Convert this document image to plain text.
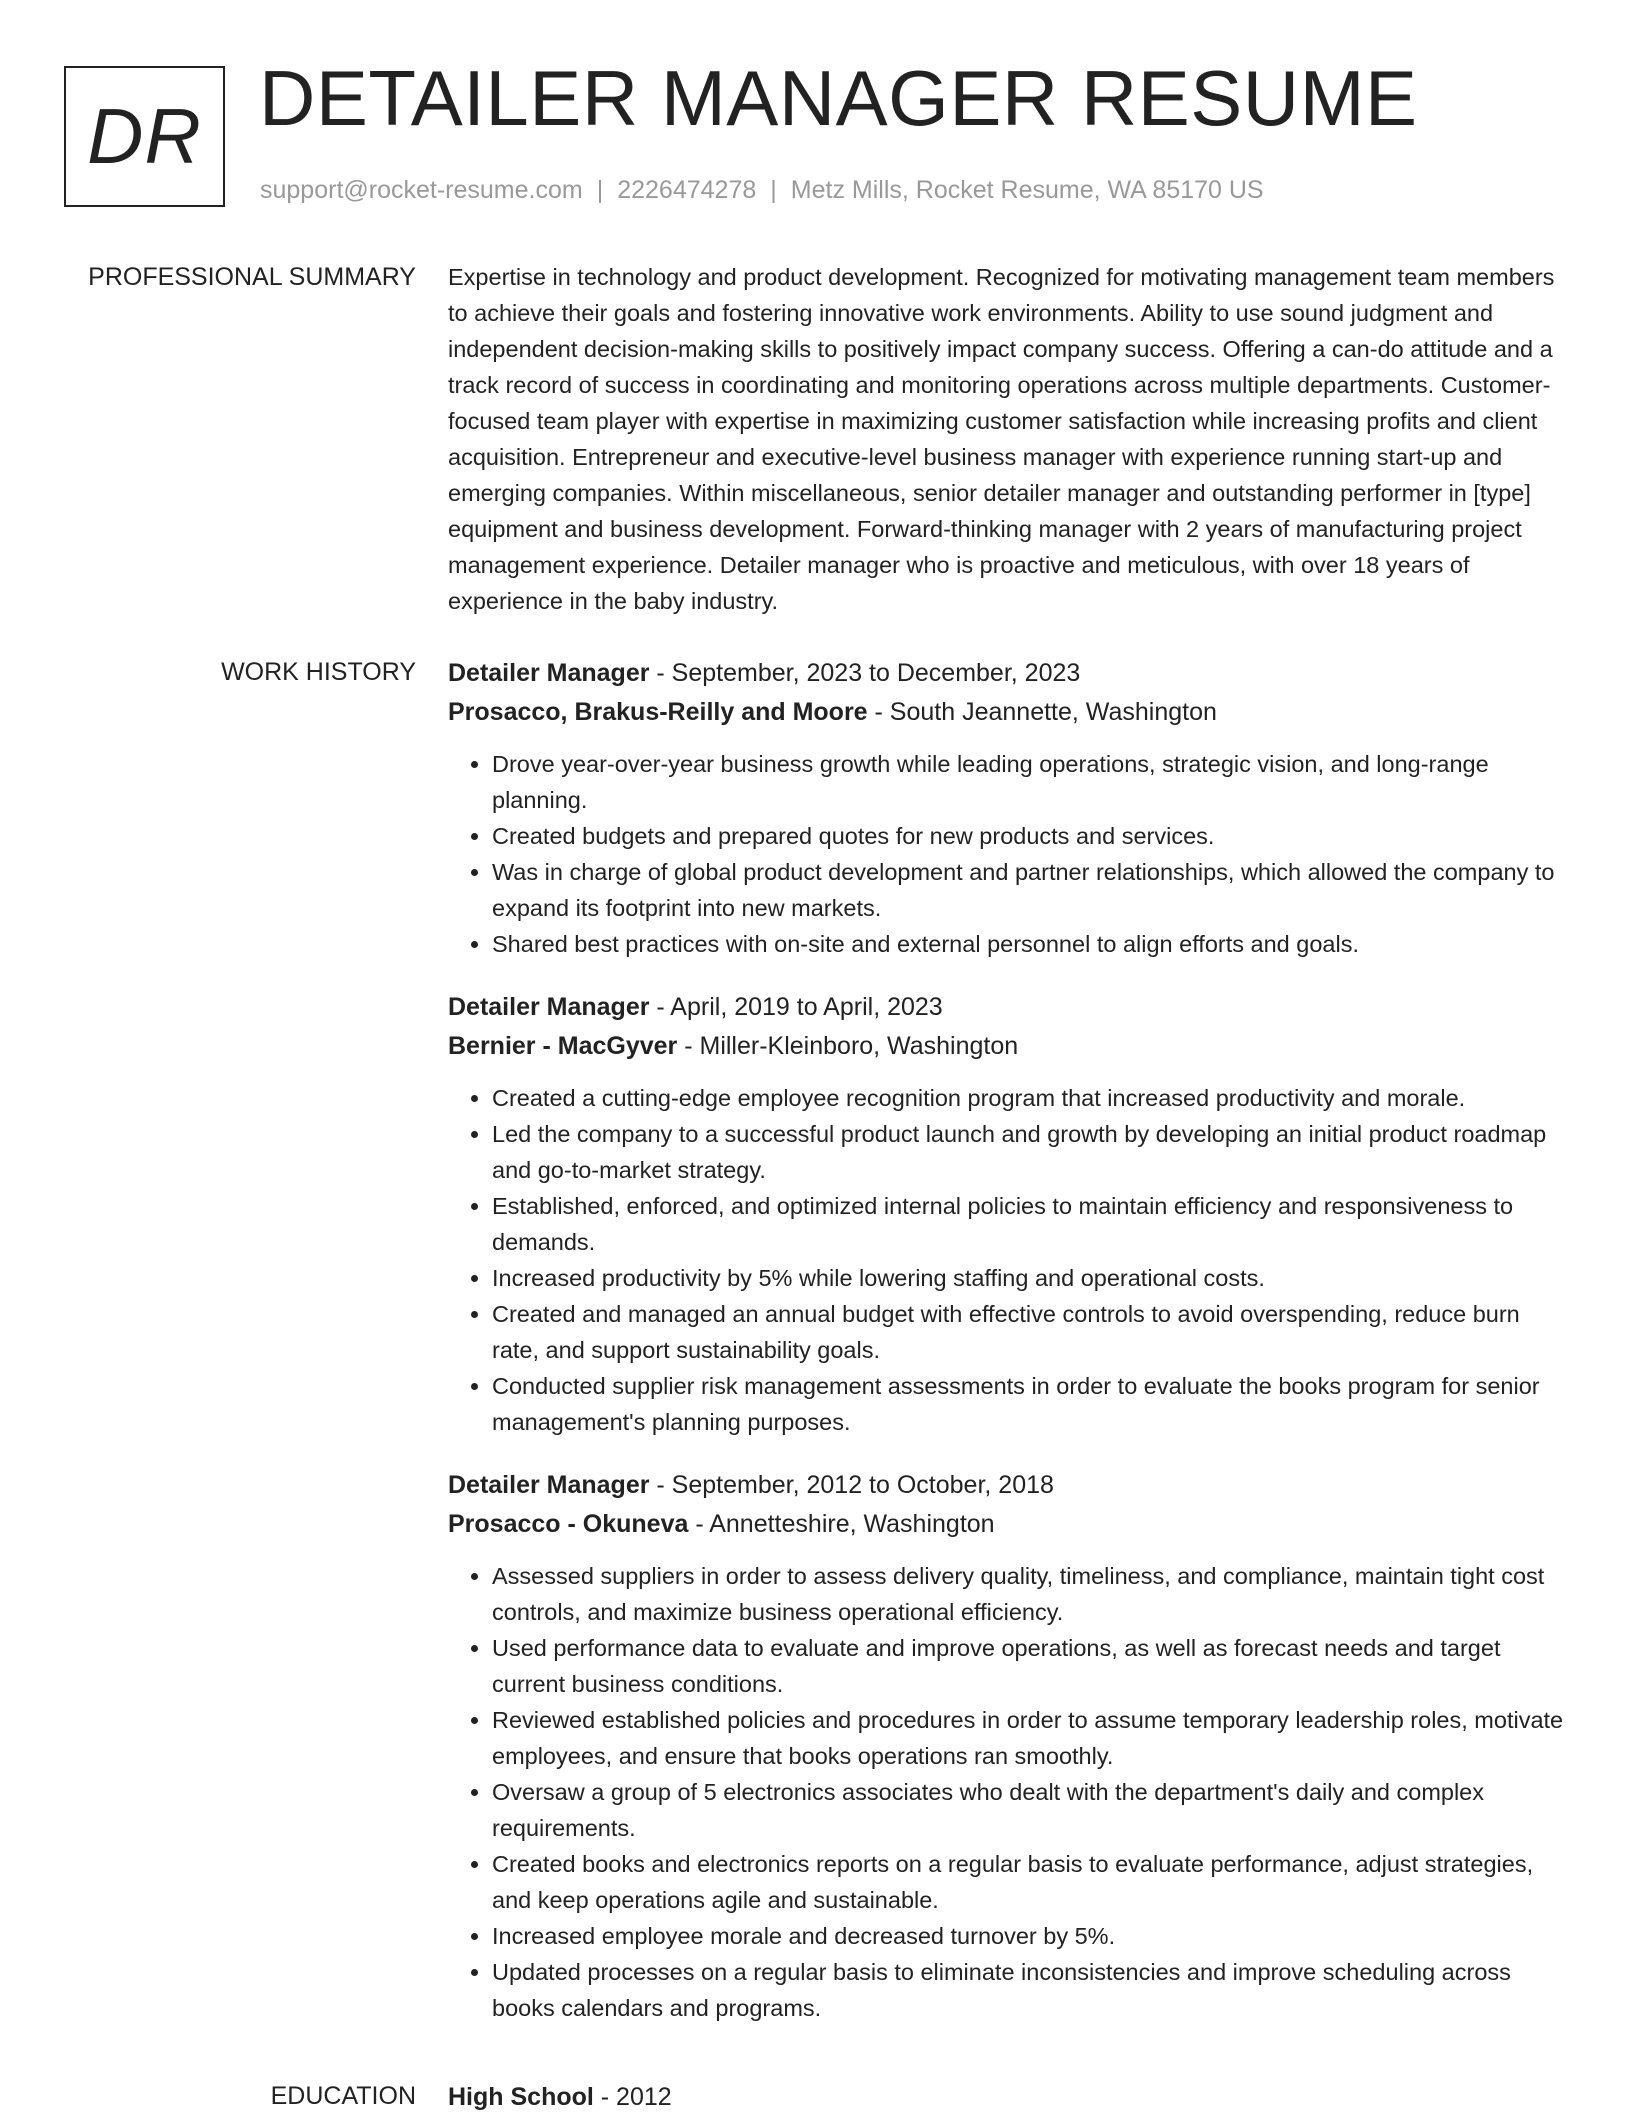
DR DETAILER MANAGER RESUME
support@rocket-resume.com | 2226474278 | Metz Mills, Rocket Resume, WA 85170 US
PROFESSIONAL SUMMARY Expertise in technology and product development. Recognized for motivating management team members to achieve their goals and fostering innovative work environments. Ability to use sound judgment and independent decision-making skills to positively impact company success. Offering a can-do attitude and a track record of success in coordinating and monitoring operations across multiple departments. Customer-focused team player with expertise in maximizing customer satisfaction while increasing profits and client acquisition. Entrepreneur and executive-level business manager with experience running start-up and emerging companies. Within miscellaneous, senior detailer manager and outstanding performer in [type] equipment and business development. Forward-thinking manager with 2 years of manufacturing project management experience. Detailer manager who is proactive and meticulous, with over 18 years of experience in the baby industry.

WORK HISTORY Detailer Manager - September, 2023 to December, 2023
Prosacco, Brakus-Reilly and Moore - South Jeannette, Washington
• Drove year-over-year business growth while leading operations, strategic vision, and long-range planning.
• Created budgets and prepared quotes for new products and services.
• Was in charge of global product development and partner relationships, which allowed the company to expand its footprint into new markets.
• Shared best practices with on-site and external personnel to align efforts and goals.
Detailer Manager - April, 2019 to April, 2023
Bernier - MacGyver - Miller-Kleinboro, Washington
• Created a cutting-edge employee recognition program that increased productivity and morale.
• Led the company to a successful product launch and growth by developing an initial product roadmap and go-to-market strategy.
• Established, enforced, and optimized internal policies to maintain efficiency and responsiveness to demands.
• Increased productivity by 5% while lowering staffing and operational costs.
• Created and managed an annual budget with effective controls to avoid overspending, reduce burn rate, and support sustainability goals.
• Conducted supplier risk management assessments in order to evaluate the books program for senior management's planning purposes.
Detailer Manager - September, 2012 to October, 2018
Prosacco - Okuneva - Annetteshire, Washington
• Assessed suppliers in order to assess delivery quality, timeliness, and compliance, maintain tight cost controls, and maximize business operational efficiency.
• Used performance data to evaluate and improve operations, as well as forecast needs and target current business conditions.
• Reviewed established policies and procedures in order to assume temporary leadership roles, motivate employees, and ensure that books operations ran smoothly.
• Oversaw a group of 5 electronics associates who dealt with the department's daily and complex requirements.
• Created books and electronics reports on a regular basis to evaluate performance, adjust strategies, and keep operations agile and sustainable.
• Increased employee morale and decreased turnover by 5%.
• Updated processes on a regular basis to eliminate inconsistencies and improve scheduling across books calendars and programs.
EDUCATION High School - 2012
